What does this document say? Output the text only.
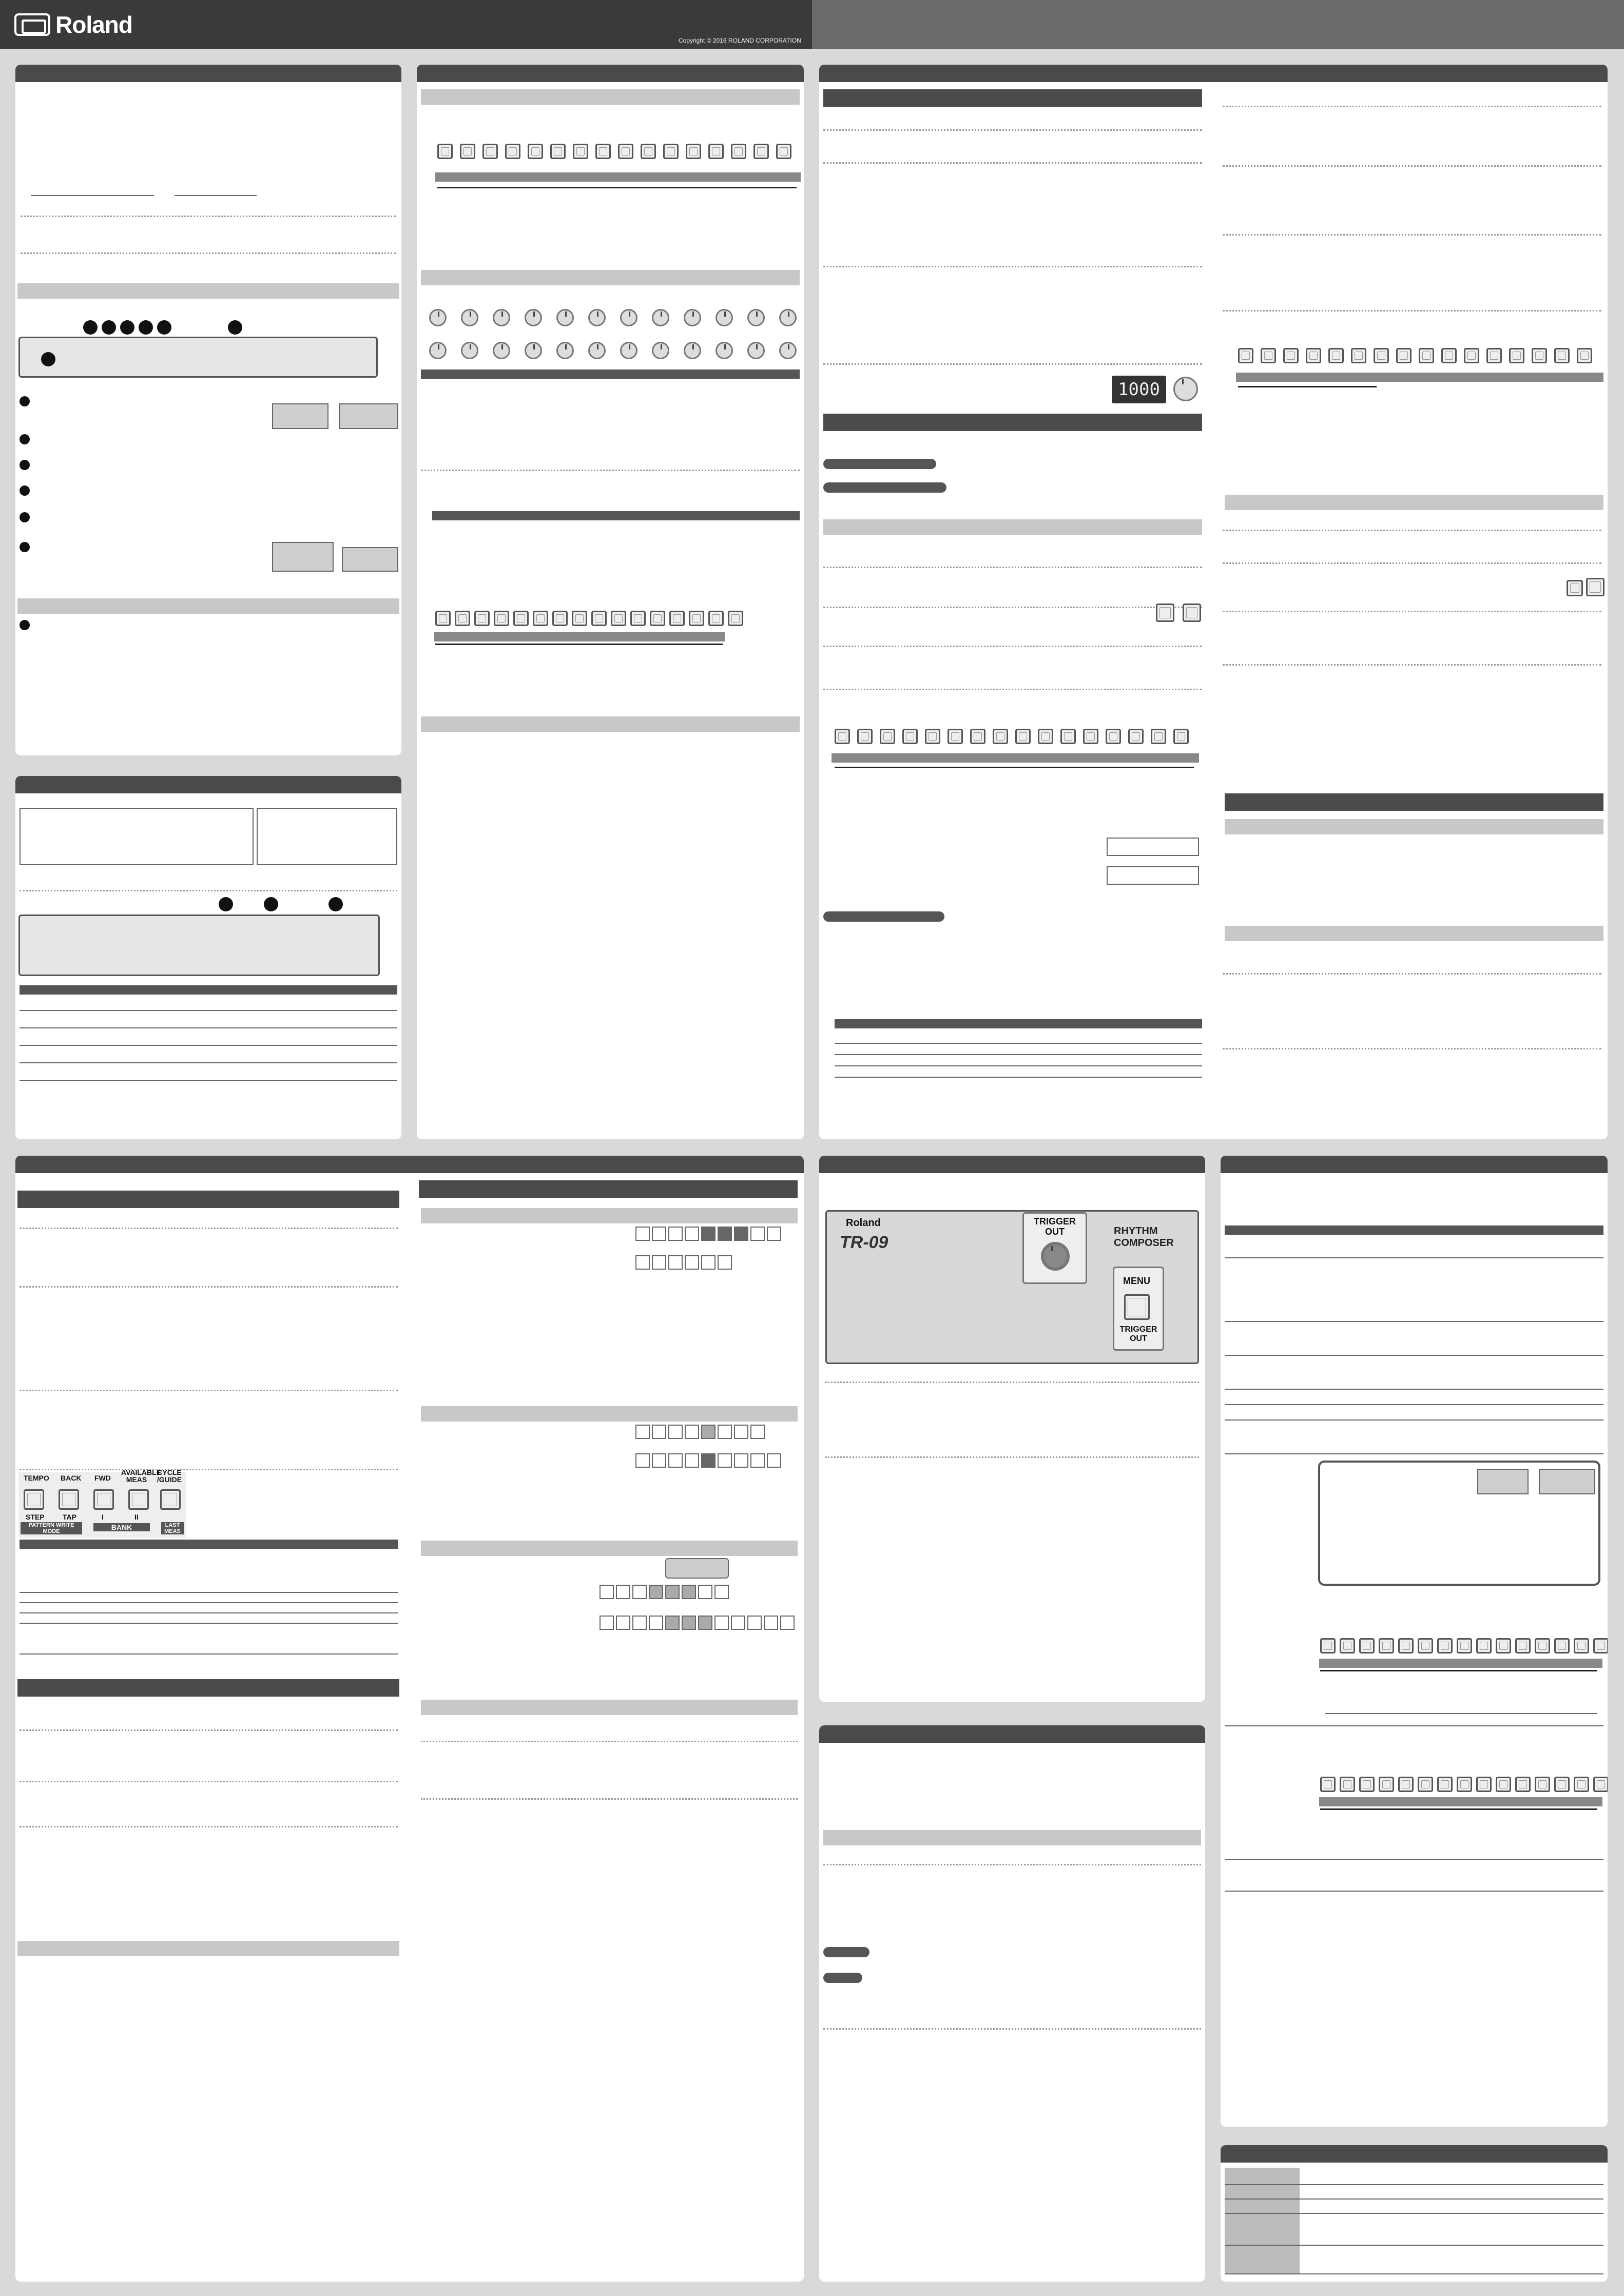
Roland
Copyright © 2016 ROLAND CORPORATION
1000
TEMPO BACK FWD
AVAILABLE MEAS
CYCLE /GUIDE
STEP	TAP	I	II
PATTERN WRITE MODE	BANK	LAST MEAS
Roland
TR-09
RHYTHM COMPOSER
TRIGGER OUT
MENU
TRIGGER OUT
